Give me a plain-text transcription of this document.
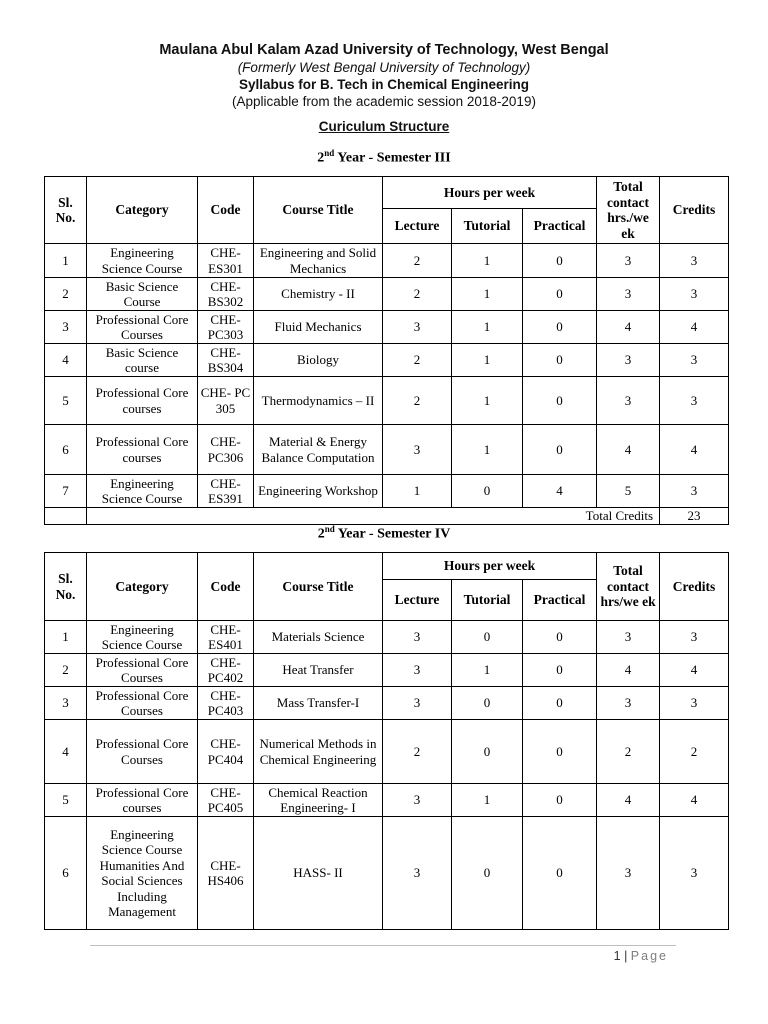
Maulana Abul Kalam Azad University of Technology, West Bengal
(Formerly West Bengal University of Technology)
Syllabus for B. Tech in Chemical Engineering
(Applicable from the academic session 2018-2019)
Curiculum Structure
2nd Year - Semester III
Sl. No.	Category	Code	Course Title	Hours per week			Total contact hrs./we ek	Credits
				Lecture	Tutorial	Practical		
1	Engineering Science Course	CHE- ES301	Engineering and Solid Mechanics	2	1	0	3	3
2	Basic Science Course	CHE- BS302	Chemistry - II	2	1	0	3	3
3	Professional Core Courses	CHE- PC303	Fluid Mechanics	3	1	0	4	4
4	Basic Science course	CHE- BS304	Biology	2	1	0	3	3
5	Professional Core courses	CHE- PC 305	Thermodynamics – II	2	1	0	3	3
6	Professional Core courses	CHE- PC306	Material & Energy Balance Computation	3	1	0	4	4
7	Engineering Science Course	CHE- ES391	Engineering Workshop	1	0	4	5	3
	Total Credits							23
2nd Year - Semester IV
Sl. No.	Category	Code	Course Title	Hours per week			Total contact hrs/we ek	Credits
				Lecture	Tutorial	Practical		
1	Engineering Science Course	CHE- ES401	Materials Science	3	0	0	3	3
2	Professional Core Courses	CHE- PC402	Heat Transfer	3	1	0	4	4
3	Professional Core Courses	CHE- PC403	Mass Transfer-I	3	0	0	3	3
4	Professional Core Courses	CHE- PC404	Numerical Methods in Chemical Engineering	2	0	0	2	2
5	Professional Core courses	CHE- PC405	Chemical Reaction Engineering- I	3	1	0	4	4
6	Engineering Science Course Humanities And Social Sciences Including Management	CHE- HS406	HASS- II	3	0	0	3	3
1 | Page
